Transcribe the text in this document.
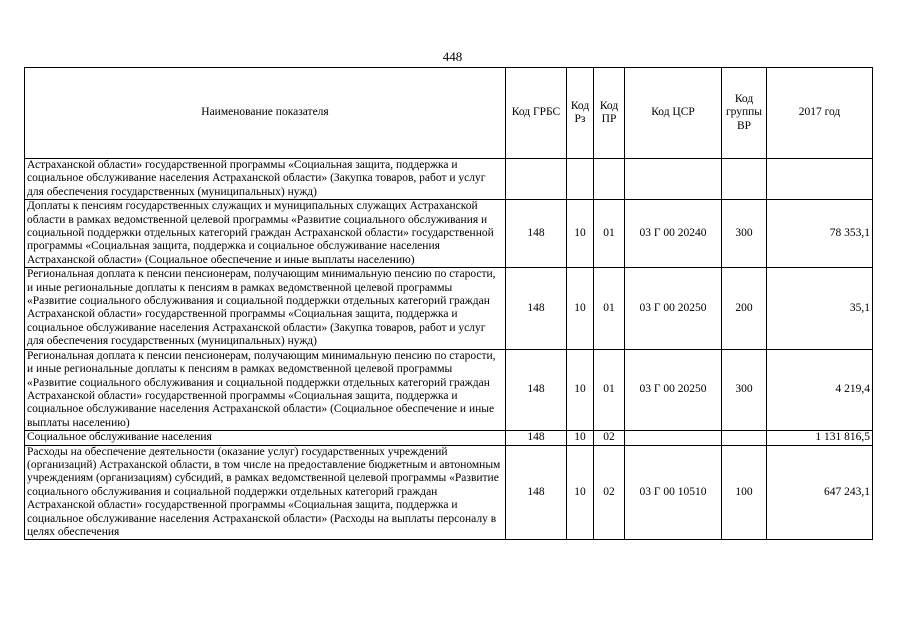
448
Наименование показателя	Код ГРБС	Код Рз	Код ПР	Код ЦСР	Код группы ВР	2017 год
Астраханской области» государственной программы «Социальная защита, поддержка и социальное обслуживание населения Астраханской области» (Закупка товаров, работ и услуг для обеспечения государственных (муниципальных) нужд)						
Доплаты к пенсиям государственных служащих и муниципальных служащих Астраханской области в рамках ведомственной целевой программы «Развитие социального обслуживания и социальной поддержки отдельных категорий граждан Астраханской области» государственной программы «Социальная защита, поддержка и социальное обслуживание населения Астраханской области» (Социальное обеспечение и иные выплаты населению)	148	10	01	03 Г 00 20240	300	78 353,1
Региональная доплата к пенсии пенсионерам, получающим минимальную пенсию по старости, и иные региональные доплаты к пенсиям в рамках ведомственной целевой программы «Развитие социального обслуживания и социальной поддержки отдельных категорий граждан Астраханской области» государственной программы «Социальная защита, поддержка и социальное обслуживание населения Астраханской области» (Закупка товаров, работ и услуг для обеспечения государственных (муниципальных) нужд)	148	10	01	03 Г 00 20250	200	35,1
Региональная доплата к пенсии пенсионерам, получающим минимальную пенсию по старости, и иные региональные доплаты к пенсиям в рамках ведомственной целевой программы «Развитие социального обслуживания и социальной поддержки отдельных категорий граждан Астраханской области» государственной программы «Социальная защита, поддержка и социальное обслуживание населения Астраханской области» (Социальное обеспечение и иные выплаты населению)	148	10	01	03 Г 00 20250	300	4 219,4
Социальное обслуживание населения	148	10	02			1 131 816,5
Расходы на обеспечение деятельности (оказание услуг) государственных учреждений (организаций) Астраханской области, в том числе на предоставление бюджетным и автономным учреждениям (организациям) субсидий, в рамках ведомственной целевой программы «Развитие социального обслуживания и социальной поддержки отдельных категорий граждан Астраханской области» государственной программы «Социальная защита, поддержка и социальное обслуживание населения Астраханской области» (Расходы на выплаты персоналу в целях обеспечения	148	10	02	03 Г 00 10510	100	647 243,1
